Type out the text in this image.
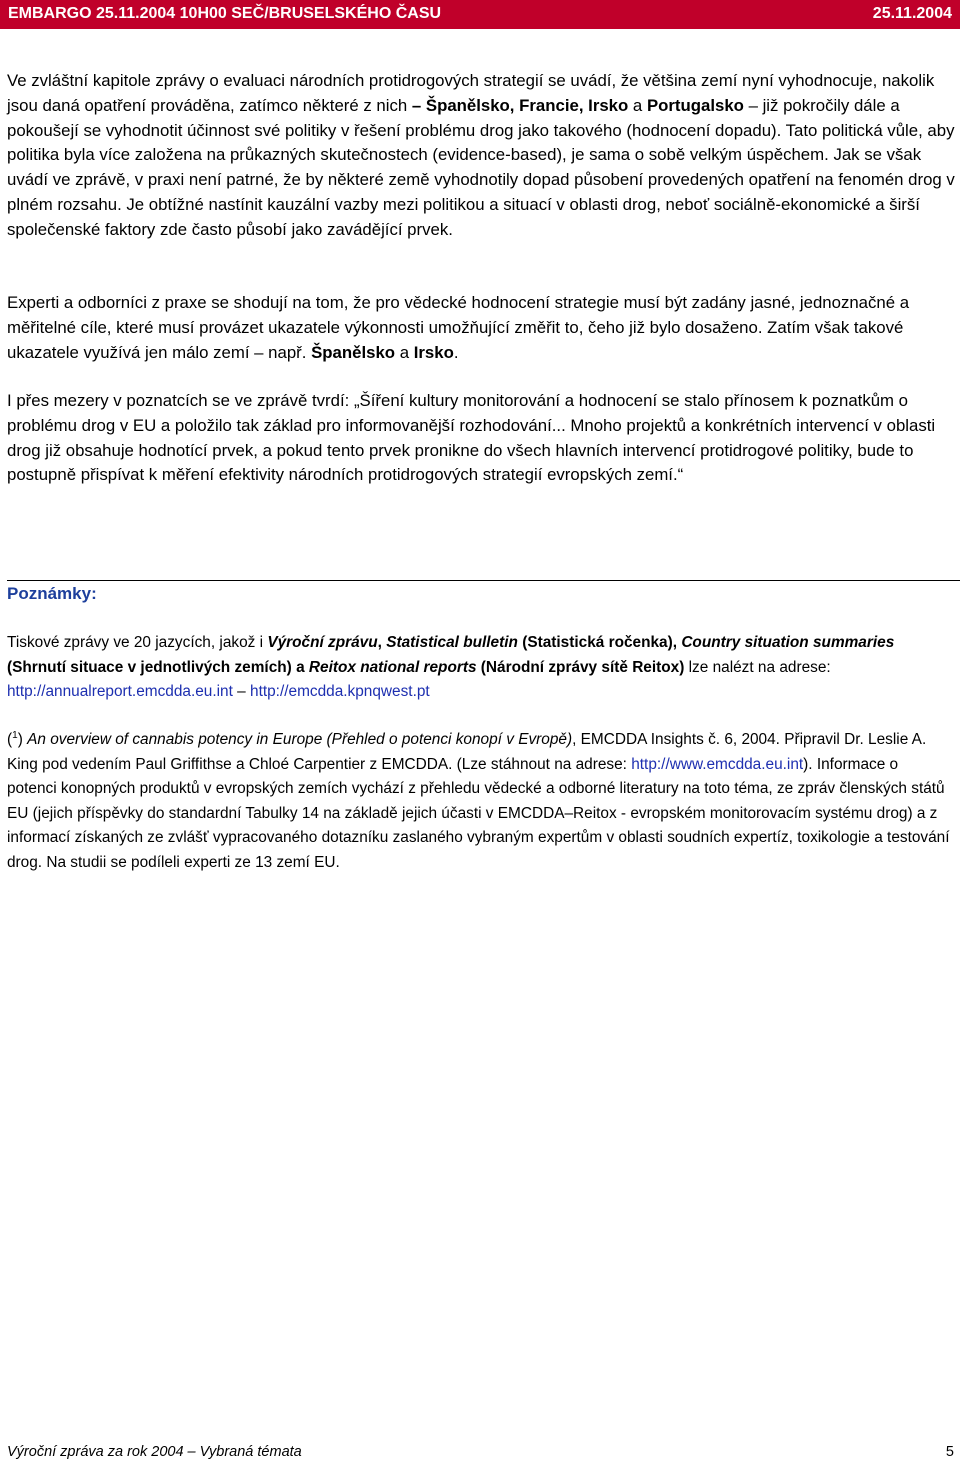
EMBARGO 25.11.2004 10H00 SEČ/BRUSELSKÉHO ČASU	25.11.2004
Ve zvláštní kapitole zprávy o evaluaci národních protidrogových strategií se uvádí, že většina zemí nyní vyhodnocuje, nakolik jsou daná opatření prováděna, zatímco některé z nich – Španělsko, Francie, Irsko a Portugalsko – již pokročily dále a pokoušejí se vyhodnotit účinnost své politiky v řešení problému drog jako takového (hodnocení dopadu). Tato politická vůle, aby politika byla více založena na průkazných skutečnostech (evidence-based), je sama o sobě velkým úspěchem. Jak se však uvádí ve zprávě, v praxi není patrné, že by některé země vyhodnotily dopad působení provedených opatření na fenomén drog v plném rozsahu. Je obtížné nastínit kauzální vazby mezi politikou a situací v oblasti drog, neboť sociálně-ekonomické a širší společenské faktory zde často působí jako zavádějící prvek.
Experti a odborníci z praxe se shodují na tom, že pro vědecké hodnocení strategie musí být zadány jasné, jednoznačné a měřitelné cíle, které musí provázet ukazatele výkonnosti umožňující změřit to, čeho již bylo dosaženo. Zatím však takové ukazatele využívá jen málo zemí – např. Španělsko a Irsko.
I přes mezery v poznatcích se ve zprávě tvrdí: „Šíření kultury monitorování a hodnocení se stalo přínosem k poznatkům o problému drog v EU a položilo tak základ pro informovanější rozhodování... Mnoho projektů a konkrétních intervencí v oblasti drog již obsahuje hodnotící prvek, a pokud tento prvek pronikne do všech hlavních intervencí protidrogové politiky, bude to postupně přispívat k měření efektivity národních protidrogových strategií evropských zemí.“
Poznámky:
Tiskové zprávy ve 20 jazycích, jakož i Výroční zprávu, Statistical bulletin (Statistická ročenka), Country situation summaries (Shrnutí situace v jednotlivých zemích) a Reitox national reports (Národní zprávy sítě Reitox) lze nalézt na adrese: http://annualreport.emcdda.eu.int – http://emcdda.kpnqwest.pt
($^1$) An overview of cannabis potency in Europe (Přehled o potenci konopí v Evropě), EMCDDA Insights č. 6, 2004. Připravil Dr. Leslie A. King pod vedením Paul Griffithse a Chloé Carpentier z EMCDDA. (Lze stáhnout na adrese: http://www.emcdda.eu.int). Informace o potenci konopných produktů v evropských zemích vychází z přehledu vědecké a odborné literatury na toto téma, ze zpráv členských států EU (jejich příspěvky do standardní Tabulky 14 na základě jejich účasti v EMCDDA–Reitox - evropském monitorovacím systému drog) a z informací získaných ze zvlášť vypracovaného dotazníku zaslaného vybraným expertům v oblasti soudních expertíz, toxikologie a testování drog. Na studii se podíleli experti ze 13 zemí EU.
Výroční zpráva za rok 2004 – Vybraná témata	5
